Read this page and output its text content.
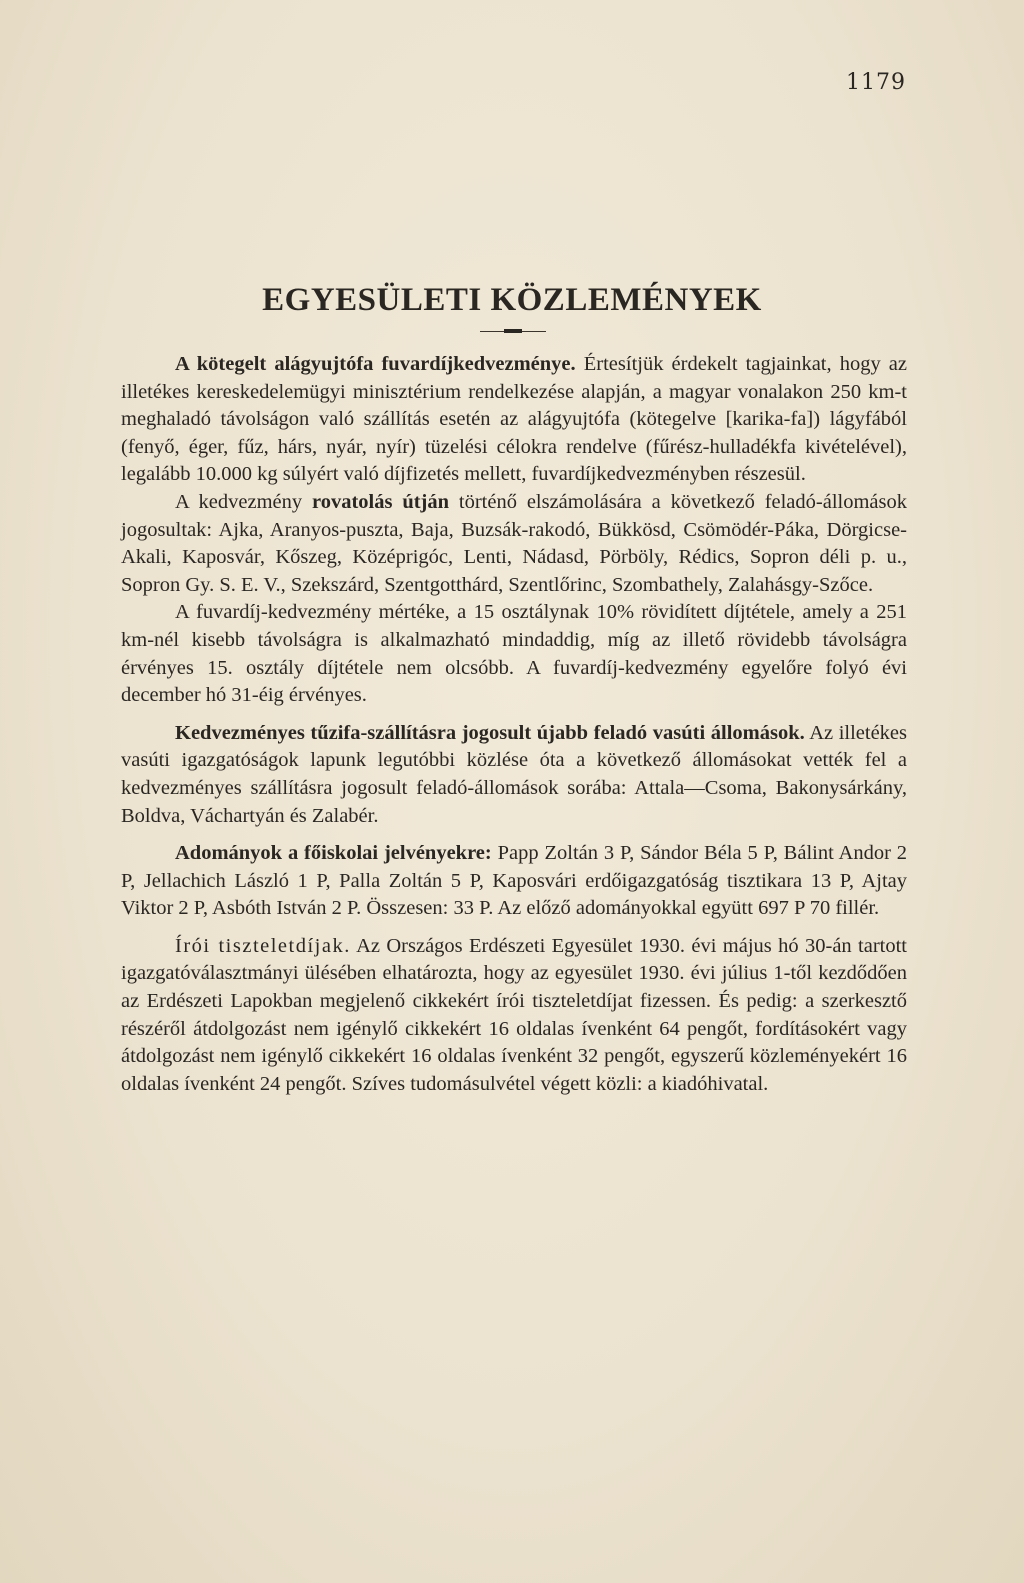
1179
EGYESÜLETI KÖZLEMÉNYEK

A kötegelt alágyujtófa fuvardíjkedvezménye. Értesítjük érdekelt tagjainkat, hogy az illetékes kereskedelemügyi minisztérium rendelkezése alapján, a magyar vonalakon 250 km-t meghaladó távolságon való szállítás esetén az alágyujtófa (kötegelve [karika-fa]) lágyfából (fenyő, éger, fűz, hárs, nyár, nyír) tüzelési célokra rendelve (fűrész-hulladékfa kivételével), legalább 10.000 kg súlyért való díjfizetés mellett, fuvardíjkedvezményben részesül.

A kedvezmény rovatolás útján történő elszámolására a következő feladó-állomások jogosultak: Ajka, Aranyos-puszta, Baja, Buzsák-rakodó, Bükkösd, Csömödér-Páka, Dörgicse-Akali, Kaposvár, Kőszeg, Középrigóc, Lenti, Nádasd, Pörböly, Rédics, Sopron déli p. u., Sopron Gy. S. E. V., Szekszárd, Szentgotthárd, Szentlőrinc, Szombathely, Zalahásgy-Szőce.

A fuvardíj-kedvezmény mértéke, a 15 osztálynak 10% rövidített díjtétele, amely a 251 km-nél kisebb távolságra is alkalmazható mindaddig, míg az illető rövidebb távolságra érvényes 15. osztály díjtétele nem olcsóbb. A fuvardíj-kedvezmény egyelőre folyó évi december hó 31-éig érvényes.

Kedvezményes tűzifa-szállításra jogosult újabb feladó vasúti állomások. Az illetékes vasúti igazgatóságok lapunk legutóbbi közlése óta a következő állomásokat vették fel a kedvezményes szállításra jogosult feladó-állomások sorába: Attala—Csoma, Bakonysárkány, Boldva, Váchartyán és Zalabér.

Adományok a főiskolai jelvényekre: Papp Zoltán 3 P, Sándor Béla 5 P, Bálint Andor 2 P, Jellachich László 1 P, Palla Zoltán 5 P, Kaposvári erdőigazgatóság tisztikara 13 P, Ajtay Viktor 2 P, Asbóth István 2 P. Összesen: 33 P. Az előző adományokkal együtt 697 P 70 fillér.

Írói tiszteletdíjak. Az Országos Erdészeti Egyesület 1930. évi május hó 30-án tartott igazgatóválasztmányi ülésében elhatározta, hogy az egyesület 1930. évi július 1-től kezdődően az Erdészeti Lapokban megjelenő cikkekért írói tiszteletdíjat fizessen. És pedig: a szerkesztő részéről átdolgozást nem igénylő cikkekért 16 oldalas ívenként 64 pengőt, fordításokért vagy átdolgozást nem igénylő cikkekért 16 oldalas ívenként 32 pengőt, egyszerű közleményekért 16 oldalas ívenként 24 pengőt. Szíves tudomásulvétel végett közli: a kiadóhivatal.
